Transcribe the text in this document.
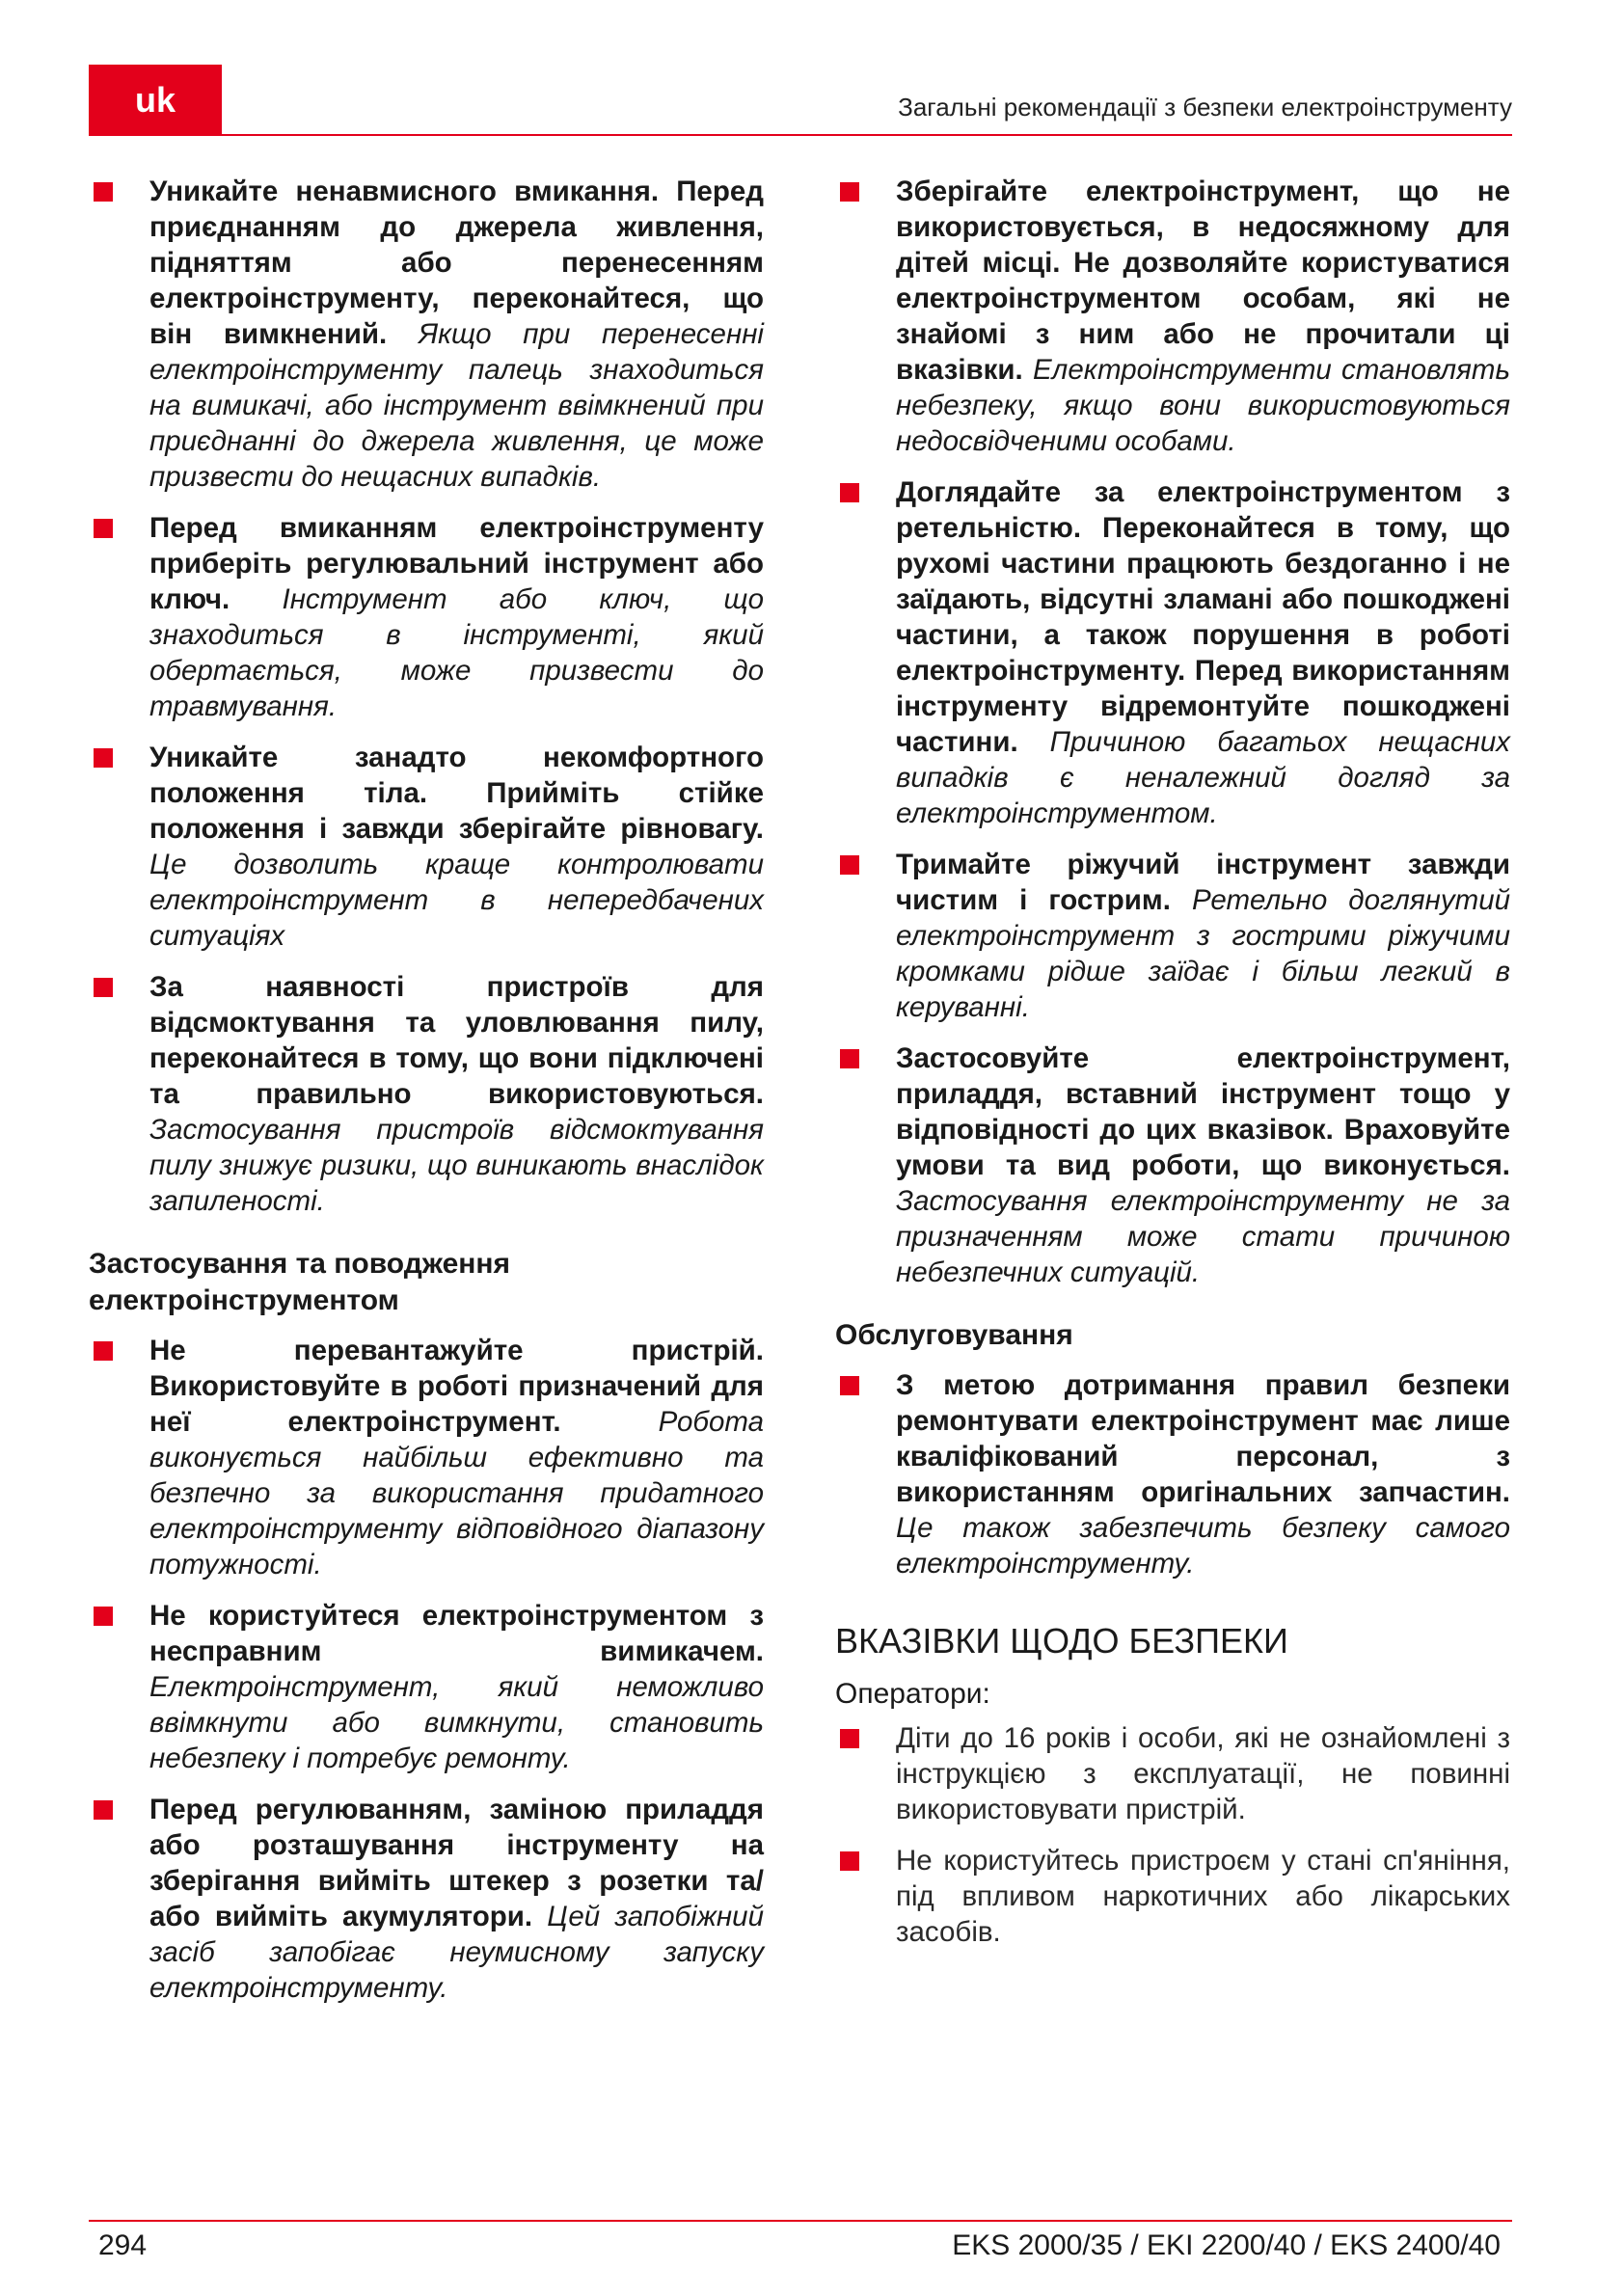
uk	Загальні рекомендації з безпеки електроінструменту
Уникайте ненавмисного вмикання. Перед приєднанням до джерела живлення, підняттям або перенесенням електроінструменту, переконайтеся, що він вимкнений. Якщо при перенесенні електроінструменту палець знаходиться на вимикачі, або інструмент ввімкнений при приєднанні до джерела живлення, це може призвести до нещасних випадків.
Перед вмиканням електроінструменту приберіть регулювальний інструмент або ключ. Інструмент або ключ, що знаходиться в інструменті, який обертається, може призвести до травмування.
Уникайте занадто некомфортного положення тіла. Прийміть стійке положення і завжди зберігайте рівновагу. Це дозволить краще контролювати електроінструмент в непередбачених ситуаціях
За наявності пристроїв для відсмоктування та уловлювання пилу, переконайтеся в тому, що вони підключені та правильно використовуються. Застосування пристроїв відсмоктування пилу знижує ризики, що виникають внаслідок запиленості.
Застосування та поводження електроінструментом
Не перевантажуйте пристрій. Використовуйте в роботі призначений для неї електроінструмент.	Робота виконується найбільш ефективно та безпечно за використання придатного електроінструменту відповідного діапазону потужності.
Не користуйтеся електроінструментом з несправним вимикачем. Електроінструмент, який неможливо ввімкнути або вимкнути, становить небезпеку і потребує ремонту.
Перед регулюванням, заміною приладдя або розташування інструменту на зберігання вийміть штекер з розетки та/або вийміть акумулятори. Цей запобіжний засіб запобігає неумисному запуску електроінструменту.
Зберігайте електроінструмент, що не використовується, в недосяжному для дітей місці. Не дозволяйте користуватися електроінструментом особам, які не знайомі з ним або не прочитали ці вказівки. Електроінструменти становлять небезпеку, якщо вони використовуються недосвідченими особами.
Доглядайте за електроінструментом з ретельністю. Переконайтеся в тому, що рухомі частини працюють бездоганно і не заїдають, відсутні зламані або пошкоджені частини, а також порушення в роботі електроінструменту. Перед використанням інструменту відремонтуйте пошкоджені частини. Причиною багатьох нещасних випадків є неналежний догляд за електроінструментом.
Тримайте ріжучий інструмент завжди чистим і гострим. Ретельно доглянутий електроінструмент з гострими ріжучими кромками рідше заїдає і більш легкий в керуванні.
Застосовуйте електроінструмент, приладдя, вставний інструмент тощо у відповідності до цих вказівок. Враховуйте умови та вид роботи, що виконується. Застосування електроінструменту не за призначенням може стати причиною небезпечних ситуацій.
Обслуговування
З метою дотримання правил безпеки ремонтувати електроінструмент має лише кваліфікований персонал, з використанням оригінальних запчастин. Це також забезпечить безпеку самого електроінструменту.
ВКАЗІВКИ ЩОДО БЕЗПЕКИ
Оператори:
Діти до 16 років і особи, які не ознайомлені з інструкцією з експлуатації, не повинні використовувати пристрій.
Не користуйтесь пристроєм у стані сп'яніння, під впливом наркотичних або лікарських засобів.
294	EKS 2000/35 / EKI 2200/40 / EKS 2400/40
